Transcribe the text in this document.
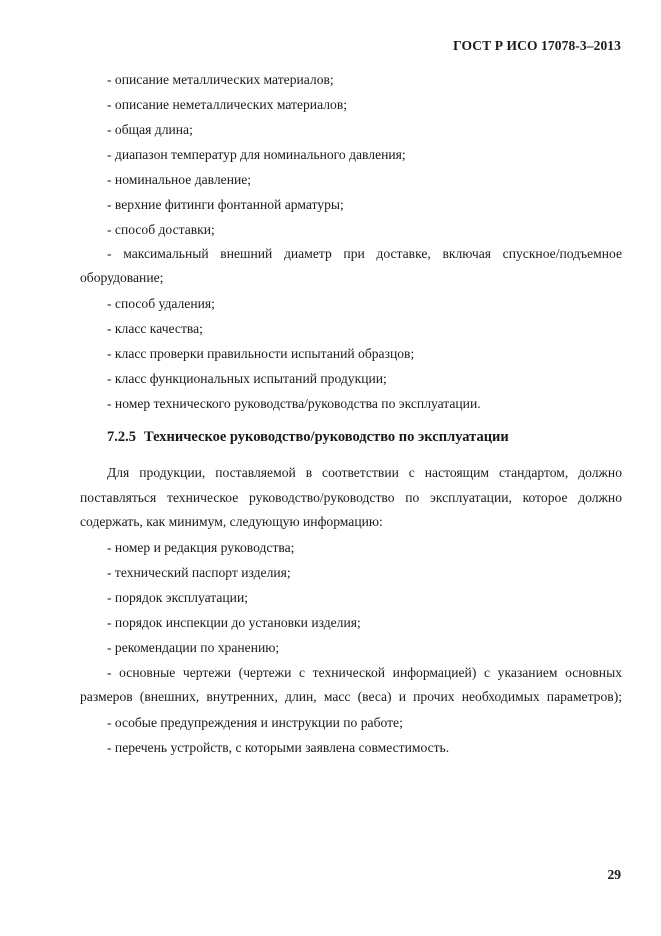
ГОСТ Р ИСО 17078-3–2013
- описание металлических материалов;
- описание неметаллических материалов;
- общая длина;
- диапазон температур для номинального давления;
- номинальное давление;
- верхние фитинги фонтанной арматуры;
- способ доставки;
- максимальный внешний диаметр при доставке, включая спускное/подъемное
оборудование;
- способ удаления;
- класс качества;
- класс проверки правильности испытаний образцов;
- класс функциональных испытаний продукции;
- номер технического руководства/руководства по эксплуатации.
7.2.5 Техническое руководство/руководство по эксплуатации
Для продукции, поставляемой в соответствии с настоящим стандартом, должно
поставляться техническое руководство/руководство по эксплуатации, которое должно
содержать, как минимум, следующую информацию:
- номер и редакция руководства;
- технический паспорт изделия;
- порядок эксплуатации;
- порядок инспекции до установки изделия;
- рекомендации по хранению;
- основные чертежи (чертежи с технической информацией) с указанием основных
размеров (внешних, внутренних, длин, масс (веса) и прочих необходимых параметров);
- особые предупреждения и инструкции по работе;
- перечень устройств, с которыми заявлена совместимость.
29
